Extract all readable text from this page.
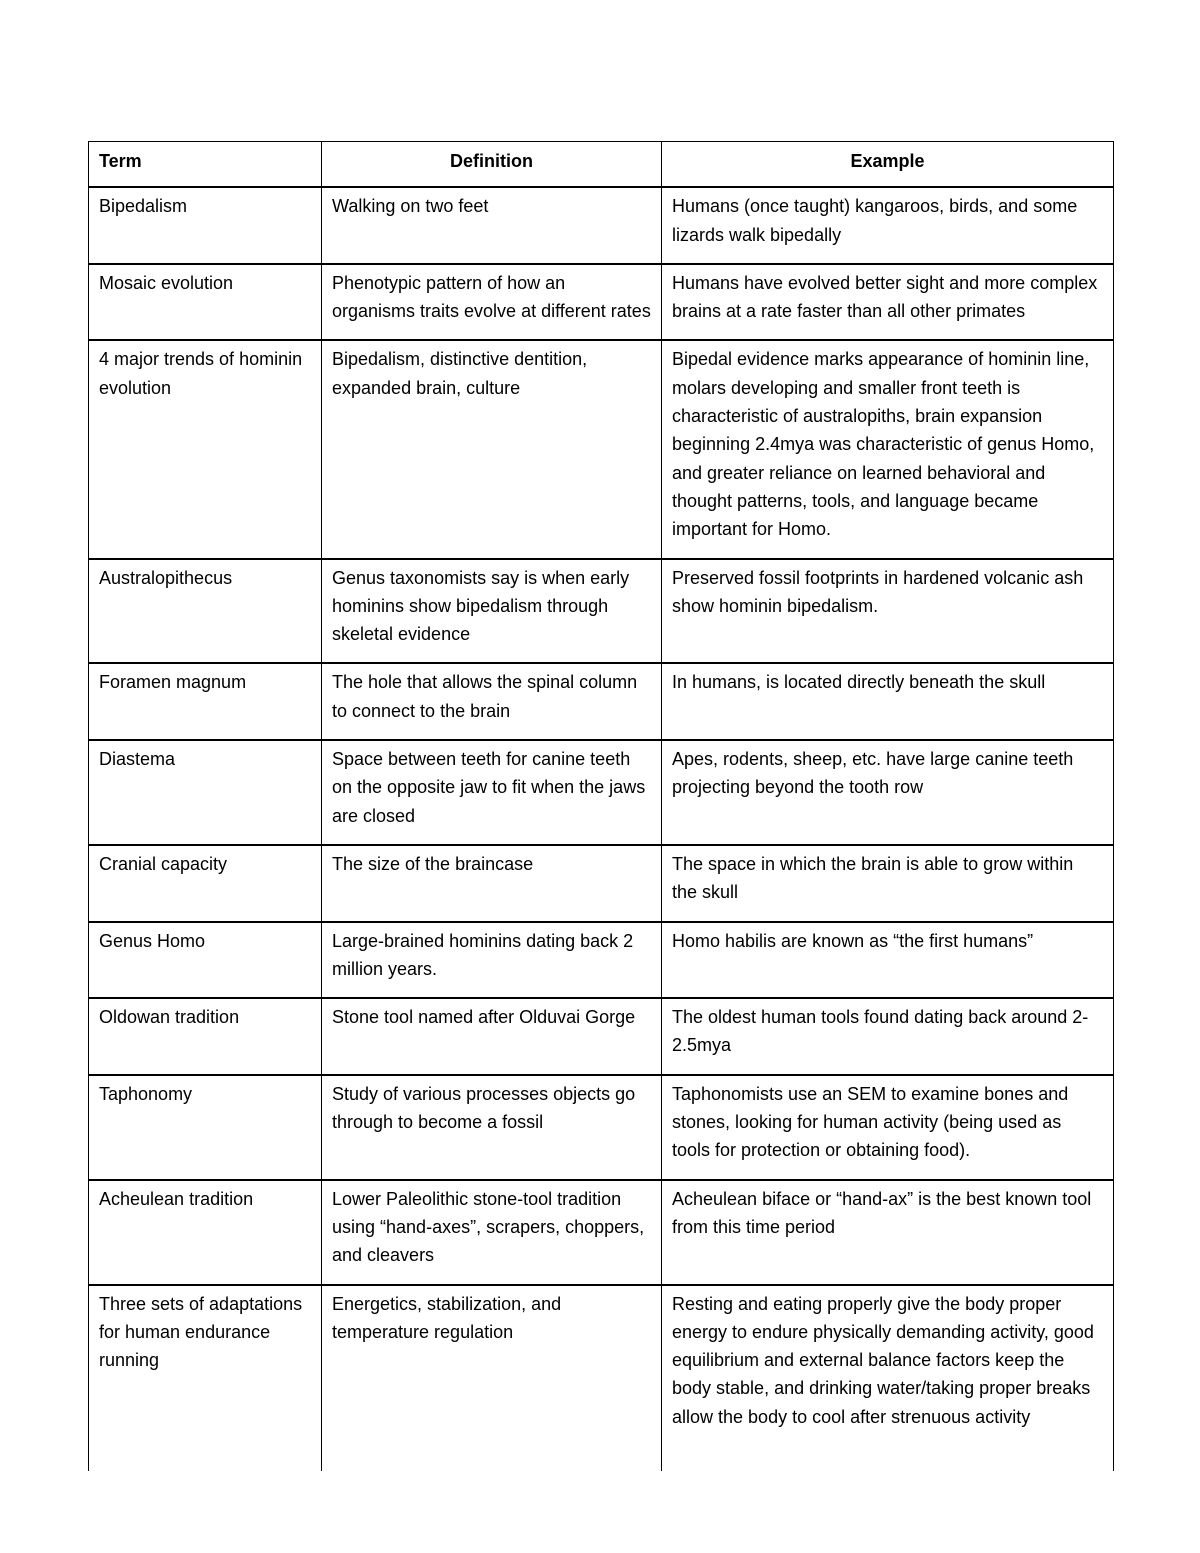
Term	Definition	Example
Bipedalism	Walking on two feet	Humans (once taught) kangaroos, birds, and some lizards walk bipedally
Mosaic evolution	Phenotypic pattern of how an organisms traits evolve at different rates	Humans have evolved better sight and more complex brains at a rate faster than all other primates
4 major trends of hominin evolution	Bipedalism, distinctive dentition, expanded brain, culture	Bipedal evidence marks appearance of hominin line, molars developing and smaller front teeth is characteristic of australopiths, brain expansion beginning 2.4mya was characteristic of genus Homo, and greater reliance on learned behavioral and thought patterns, tools, and language became important for Homo.
Australopithecus	Genus taxonomists say is when early hominins show bipedalism through skeletal evidence	Preserved fossil footprints in hardened volcanic ash show hominin bipedalism.
Foramen magnum	The hole that allows the spinal column to connect to the brain	In humans, is located directly beneath the skull
Diastema	Space between teeth for canine teeth on the opposite jaw to fit when the jaws are closed	Apes, rodents, sheep, etc. have large canine teeth projecting beyond the tooth row
Cranial capacity	The size of the braincase	The space in which the brain is able to grow within the skull
Genus Homo	Large-brained hominins dating back 2 million years.	Homo habilis are known as “the first humans”
Oldowan tradition	Stone tool named after Olduvai Gorge	The oldest human tools found dating back around 2-2.5mya
Taphonomy	Study of various processes objects go through to become a fossil	Taphonomists use an SEM to examine bones and stones, looking for human activity (being used as tools for protection or obtaining food).
Acheulean tradition	Lower Paleolithic stone-tool tradition using “hand-axes”, scrapers, choppers, and cleavers	Acheulean biface or “hand-ax” is the best known tool from this time period
Three sets of adaptations for human endurance running	Energetics, stabilization, and temperature regulation	Resting and eating properly give the body proper energy to endure physically demanding activity, good equilibrium and external balance factors keep the body stable, and drinking water/taking proper breaks allow the body to cool after strenuous activity
